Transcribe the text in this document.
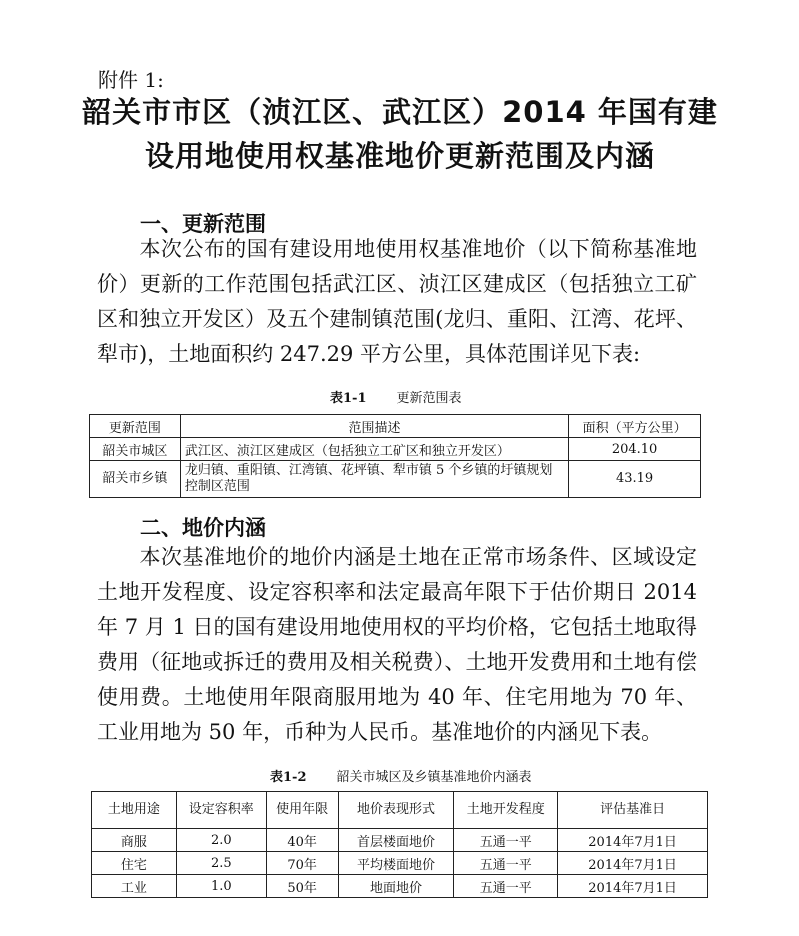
附件 1:
韶关市市区（浈江区、武江区）2014 年国有建
设用地使用权基准地价更新范围及内涵
一、更新范围
本次公布的国有建设用地使用权基准地价（以下简称基准地价）更新的工作范围包括武江区、浈江区建成区（包括独立工矿区和独立开发区）及五个建制镇范围(龙归、重阳、江湾、花坪、犁市)，土地面积约 247.29 平方公里，具体范围详见下表:
表1-1 更新范围表
更新范围	范围描述	面积（平方公里）
韶关市城区	武江区、浈江区建成区（包括独立工矿区和独立开发区）	204.10
韶关市乡镇	龙归镇、重阳镇、江湾镇、花坪镇、犁市镇 5 个乡镇的圩镇规划控制区范围	43.19
二、地价内涵
本次基准地价的地价内涵是土地在正常市场条件、区域设定土地开发程度、设定容积率和法定最高年限下于估价期日 2014 年 7 月 1 日的国有建设用地使用权的平均价格，它包括土地取得费用（征地或拆迁的费用及相关税费）、土地开发费用和土地有偿使用费。土地使用年限商服用地为 40 年、住宅用地为 70 年、工业用地为 50 年，币种为人民币。基准地价的内涵见下表。
表1-2 韶关市城区及乡镇基准地价内涵表
土地用途	设定容积率	使用年限	地价表现形式	土地开发程度	评估基准日
商服	2.0	40年	首层楼面地价	五通一平	2014年7月1日
住宅	2.5	70年	平均楼面地价	五通一平	2014年7月1日
工业	1.0	50年	地面地价	五通一平	2014年7月1日
